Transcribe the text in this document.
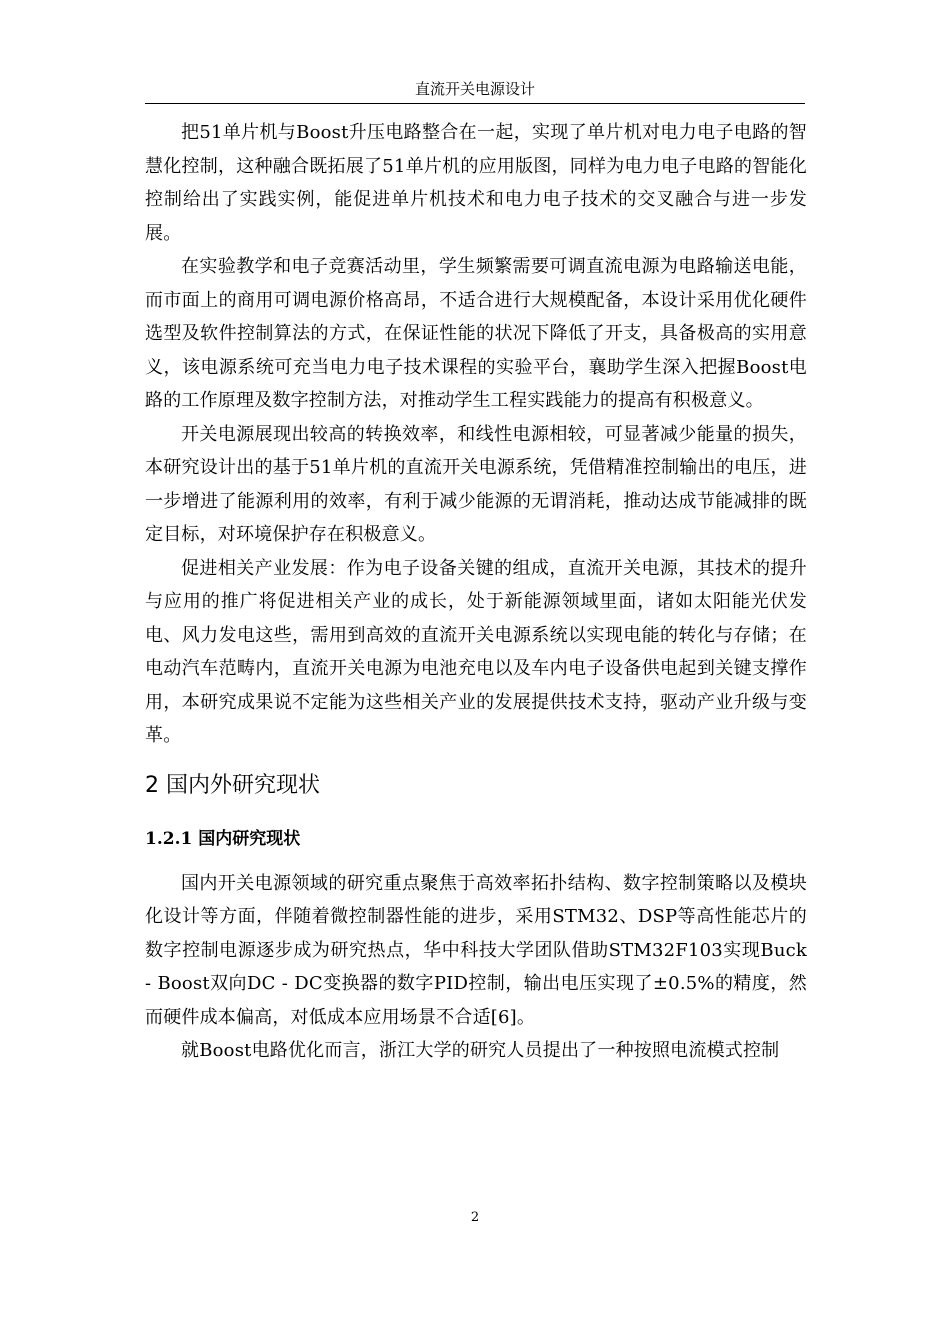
直流开关电源设计

把51单片机与Boost升压电路整合在一起，实现了单片机对电力电子电路的智慧化控制，这种融合既拓展了51单片机的应用版图，同样为电力电子电路的智能化控制给出了实践实例，能促进单片机技术和电力电子技术的交叉融合与进一步发展。

在实验教学和电子竞赛活动里，学生频繁需要可调直流电源为电路输送电能，而市面上的商用可调电源价格高昂，不适合进行大规模配备，本设计采用优化硬件选型及软件控制算法的方式，在保证性能的状况下降低了开支，具备极高的实用意义，该电源系统可充当电力电子技术课程的实验平台，襄助学生深入把握Boost电路的工作原理及数字控制方法，对推动学生工程实践能力的提高有积极意义。

开关电源展现出较高的转换效率，和线性电源相较，可显著减少能量的损失，本研究设计出的基于51单片机的直流开关电源系统，凭借精准控制输出的电压，进一步增进了能源利用的效率，有利于减少能源的无谓消耗，推动达成节能减排的既定目标，对环境保护存在积极意义。

促进相关产业发展：作为电子设备关键的组成，直流开关电源，其技术的提升与应用的推广将促进相关产业的成长，处于新能源领域里面，诸如太阳能光伏发电、风力发电这些，需用到高效的直流开关电源系统以实现电能的转化与存储；在电动汽车范畴内，直流开关电源为电池充电以及车内电子设备供电起到关键支撑作用，本研究成果说不定能为这些相关产业的发展提供技术支持，驱动产业升级与变革。

2 国内外研究现状
1.2.1 国内研究现状

国内开关电源领域的研究重点聚焦于高效率拓扑结构、数字控制策略以及模块化设计等方面，伴随着微控制器性能的进步，采用STM32、DSP等高性能芯片的数字控制电源逐步成为研究热点，华中科技大学团队借助STM32F103实现Buck - Boost双向DC - DC变换器的数字PID控制，输出电压实现了±0.5%的精度，然而硬件成本偏高，对低成本应用场景不合适[6]。

就Boost电路优化而言，浙江大学的研究人员提出了一种按照电流模式控制

2
